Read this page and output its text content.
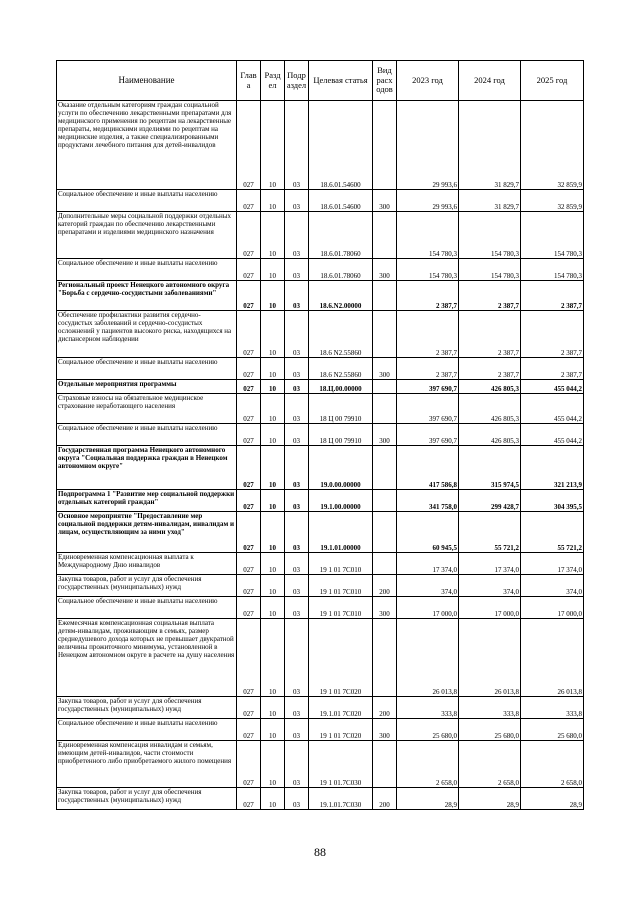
Наименование	Глав а	Разд ел	Подр аздел	Целевая статья	Вид расх одов	2023 год	2024 год	2025 год
Оказание отдельным категориям граждан социальной услуги по обеспечению лекарственными препаратами для медицинского применения по рецептам на лекарственные препараты, медицинскими изделиями по рецептам на медицинские изделия, а также специализированными продуктами лечебного питания для детей-инвалидов	027	10	03	18.6.01.54600		29 993,6	31 829,7	32 859,9
Социальное обеспечение и иные выплаты населению	027	10	03	18.6.01.54600	300	29 993,6	31 829,7	32 859,9
Дополнительные меры социальной поддержки отдельных категорий граждан по обеспечению лекарственными препаратами и изделиями медицинского назначения	027	10	03	18.6.01.78060		154 780,3	154 780,3	154 780,3
Социальное обеспечение и иные выплаты населению	027	10	03	18.6.01.78060	300	154 780,3	154 780,3	154 780,3
Региональный проект Ненецкого автономного округа "Борьба с сердечно-сосудистыми заболеваниями"	027	10	03	18.6.N2.00000		2 387,7	2 387,7	2 387,7
Обеспечение профилактики развития сердечно-сосудистых заболеваний и сердечно-сосудистых осложнений у пациентов высокого риска, находящихся на диспансерном наблюдении	027	10	03	18.6 N2.55860		2 387,7	2 387,7	2 387,7
Социальное обеспечение и иные выплаты населению	027	10	03	18.6 N2.55860	300	2 387,7	2 387,7	2 387,7
Отдельные мероприятия программы	027	10	03	18.Ц.00.00000		397 690,7	426 805,3	455 044,2
Страховые взносы на обязательное медицинское страхование неработающего населения	027	10	03	18 Ц 00 79910		397 690,7	426 805,3	455 044,2
Социальное обеспечение и иные выплаты населению	027	10	03	18 Ц 00 79910	300	397 690,7	426 805,3	455 044,2
Государственная программа Ненецкого автономного округа "Социальная поддержка граждан в Ненецком автономном округе"	027	10	03	19.0.00.00000		417 586,8	315 974,5	321 213,9
Подпрограмма 1 "Развитие мер социальной поддержки отдельных категорий граждан"	027	10	03	19.1.00.00000		341 758,0	299 428,7	304 395,5
Основное мероприятие "Предоставление мер социальной поддержки детям-инвалидам, инвалидам и лицам, осуществляющим за ними уход"	027	10	03	19.1.01.00000		60 945,5	55 721,2	55 721,2
Единовременная компенсационная выплата к Международному Дню инвалидов	027	10	03	19 1 01 7C010		17 374,0	17 374,0	17 374,0
Закупка товаров, работ и услуг для обеспечения государственных (муниципальных) нужд	027	10	03	19 1 01 7C010	200	374,0	374,0	374,0
Социальное обеспечение и иные выплаты населению	027	10	03	19 1 01 7C010	300	17 000,0	17 000,0	17 000,0
Ежемесячная компенсационная социальная выплата детям-инвалидам, проживающим в семьях, размер среднедушевого дохода которых не превышает двукратной величины прожиточного минимума, установленной в Ненецком автономном округе в расчете на душу населения	027	10	03	19 1 01 7C020		26 013,8	26 013,8	26 013,8
Закупка товаров, работ и услуг для обеспечения государственных (муниципальных) нужд	027	10	03	19.1.01 7C020	200	333,8	333,8	333,8
Социальное обеспечение и иные выплаты населению	027	10	03	19 1 01 7C020	300	25 680,0	25 680,0	25 680,0
Единовременная компенсация инвалидам и семьям, имеющим детей-инвалидов, части стоимости приобретенного либо приобретаемого жилого помещения	027	10	03	19 1 01.7C030		2 658,0	2 658,0	2 658,0
Закупка товаров, работ и услуг для обеспечения государственных (муниципальных) нужд	027	10	03	19.1.01.7C030	200	28,9	28,9	28,9
88
